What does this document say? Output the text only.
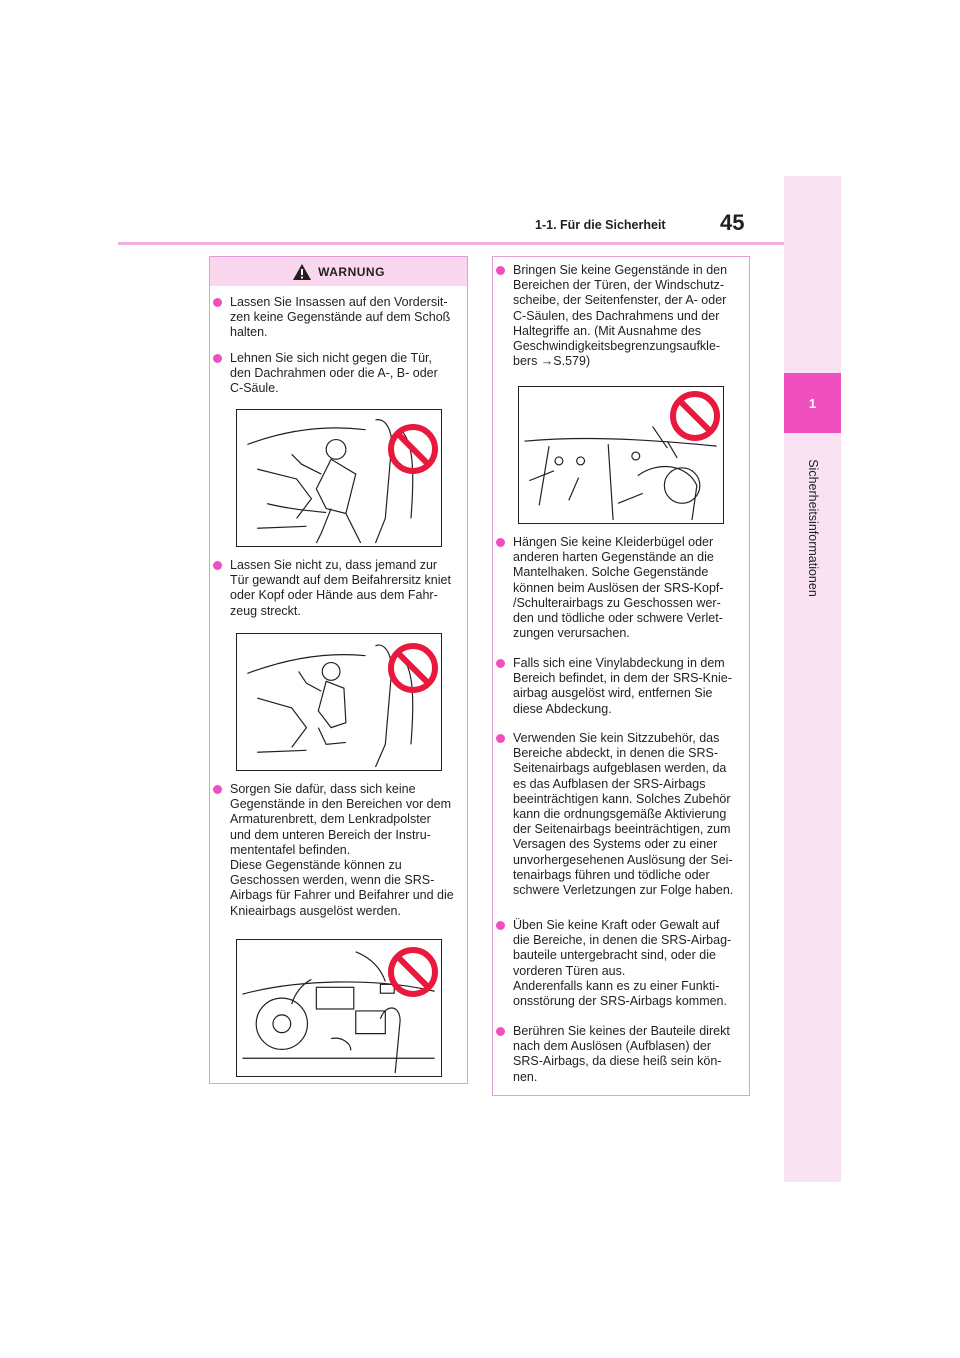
1-1. Für die Sicherheit 45
1
Sicherheitsinformationen
WARNUNG
Lassen Sie Insassen auf den Vordersit-
zen keine Gegenstände auf dem Schoß
halten.
Lehnen Sie sich nicht gegen die Tür,
den Dachrahmen oder die A-, B- oder
C-Säule.
Lassen Sie nicht zu, dass jemand zur
Tür gewandt auf dem Beifahrersitz kniet
oder Kopf oder Hände aus dem Fahr-
zeug streckt.
Sorgen Sie dafür, dass sich keine
Gegenstände in den Bereichen vor dem
Armaturenbrett, dem Lenkradpolster
und dem unteren Bereich der Instru-
mententafel befinden.
Diese Gegenstände können zu
Geschossen werden, wenn die SRS-
Airbags für Fahrer und Beifahrer und die
Knieairbags ausgelöst werden.
Bringen Sie keine Gegenstände in den
Bereichen der Türen, der Windschutz-
scheibe, der Seitenfenster, der A- oder
C-Säulen, des Dachrahmens und der
Haltegriffe an. (Mit Ausnahme des
Geschwindigkeitsbegrenzungsaufkle-
bers →S.579)
Hängen Sie keine Kleiderbügel oder
anderen harten Gegenstände an die
Mantelhaken. Solche Gegenstände
können beim Auslösen der SRS-Kopf-
/Schulterairbags zu Geschossen wer-
den und tödliche oder schwere Verlet-
zungen verursachen.
Falls sich eine Vinylabdeckung in dem
Bereich befindet, in dem der SRS-Knie-
airbag ausgelöst wird, entfernen Sie
diese Abdeckung.
Verwenden Sie kein Sitzzubehör, das
Bereiche abdeckt, in denen die SRS-
Seitenairbags aufgeblasen werden, da
es das Aufblasen der SRS-Airbags
beeinträchtigen kann. Solches Zubehör
kann die ordnungsgemäße Aktivierung
der Seitenairbags beeinträchtigen, zum
Versagen des Systems oder zu einer
unvorhergesehenen Auslösung der Sei-
tenairbags führen und tödliche oder
schwere Verletzungen zur Folge haben.
Üben Sie keine Kraft oder Gewalt auf
die Bereiche, in denen die SRS-Airbag-
bauteile untergebracht sind, oder die
vorderen Türen aus.
Anderenfalls kann es zu einer Funkti-
onsstörung der SRS-Airbags kommen.
Berühren Sie keines der Bauteile direkt
nach dem Auslösen (Aufblasen) der
SRS-Airbags, da diese heiß sein kön-
nen.
